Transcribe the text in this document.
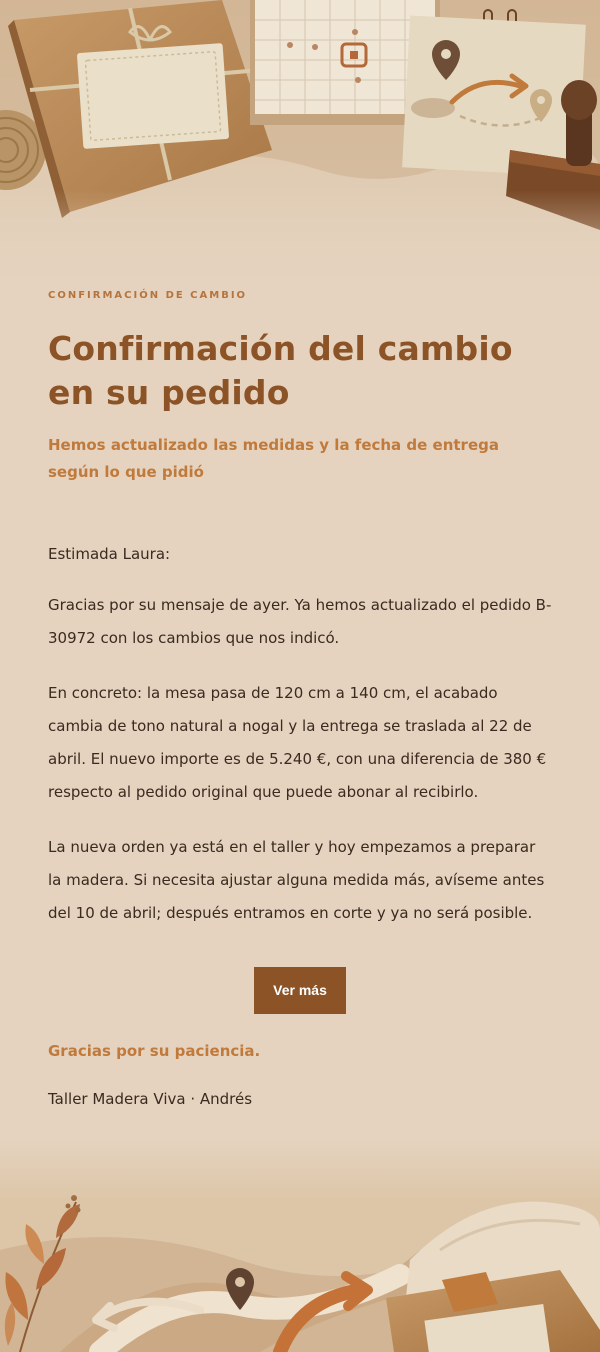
CONFIRMACIÓN DE CAMBIO

Confirmación del cambio en su pedido

Hemos actualizado las medidas y la fecha de entrega según lo que pidió

Estimada Laura:

Gracias por su mensaje de ayer. Ya hemos actualizado el pedido B-30972 con los cambios que nos indicó.

En concreto: la mesa pasa de 120 cm a 140 cm, el acabado cambia de tono natural a nogal y la entrega se traslada al 22 de abril. El nuevo importe es de 5.240 €, con una diferencia de 380 € respecto al pedido original que puede abonar al recibirlo.

La nueva orden ya está en el taller y hoy empezamos a preparar la madera. Si necesita ajustar alguna medida más, avíseme antes del 10 de abril; después entramos en corte y ya no será posible.

Ver más

Gracias por su paciencia.

Taller Madera Viva · Andrés
